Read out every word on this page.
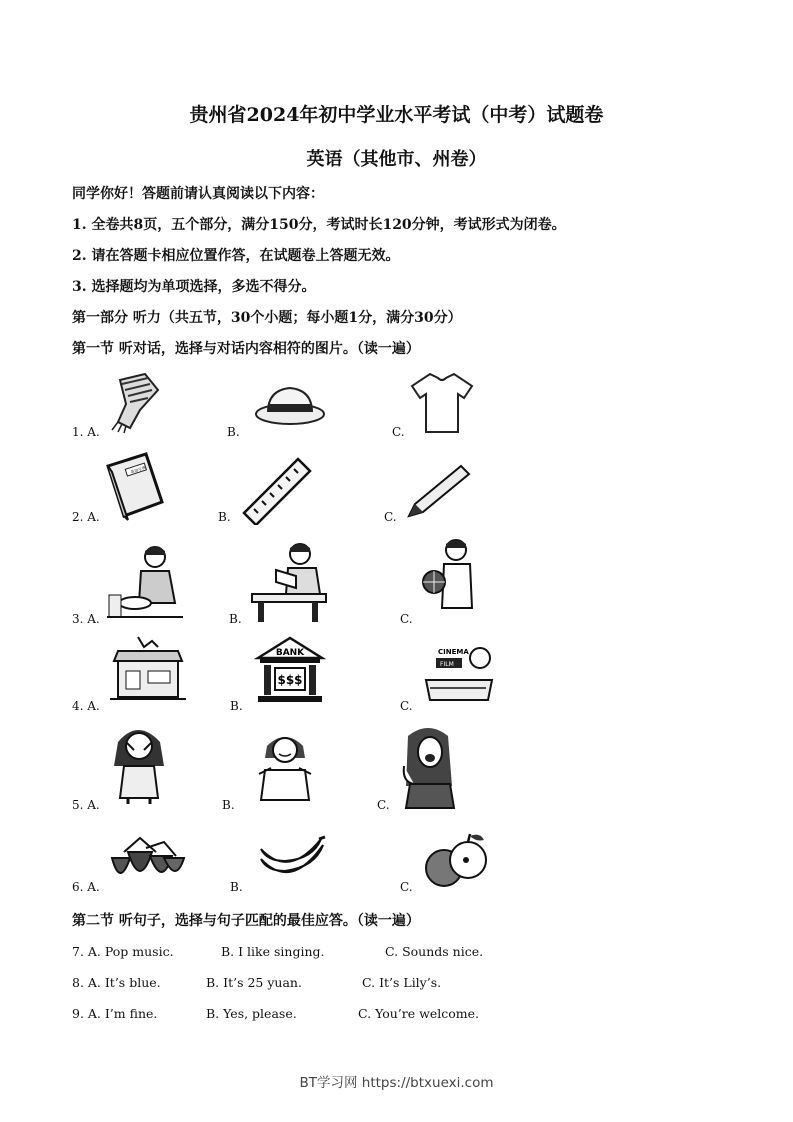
贵州省2024年初中学业水平考试（中考）试题卷
英语（其他市、州卷）
同学你好！答题前请认真阅读以下内容：
1. 全卷共8页，五个部分，满分150分，考试时长120分钟，考试形式为闭卷。
2. 请在答题卡相应位置作答，在试题卷上答题无效。
3. 选择题均为单项选择，多选不得分。
第一部分 听力（共五节，30个小题；每小题1分，满分30分）
第一节 听对话，选择与对话内容相符的图片。（读一遍）
1. A.	B.	C.
2. A.	B.	C.
英语字典
3. A.	B.	C.
4. A.	B.	C.
BANK
$$$
CINEMA
FILM
5. A.	B.	C.
6. A.	B.	C.
第二节 听句子，选择与句子匹配的最佳应答。（读一遍）
7. A. Pop music.	B. I like singing.	C. Sounds nice.
8. A. It’s blue.	B. It’s 25 yuan.	C. It’s Lily’s.
9. A. I’m fine.	B. Yes, please.	C. You’re welcome.
BT学习网 https://btxuexi.com
